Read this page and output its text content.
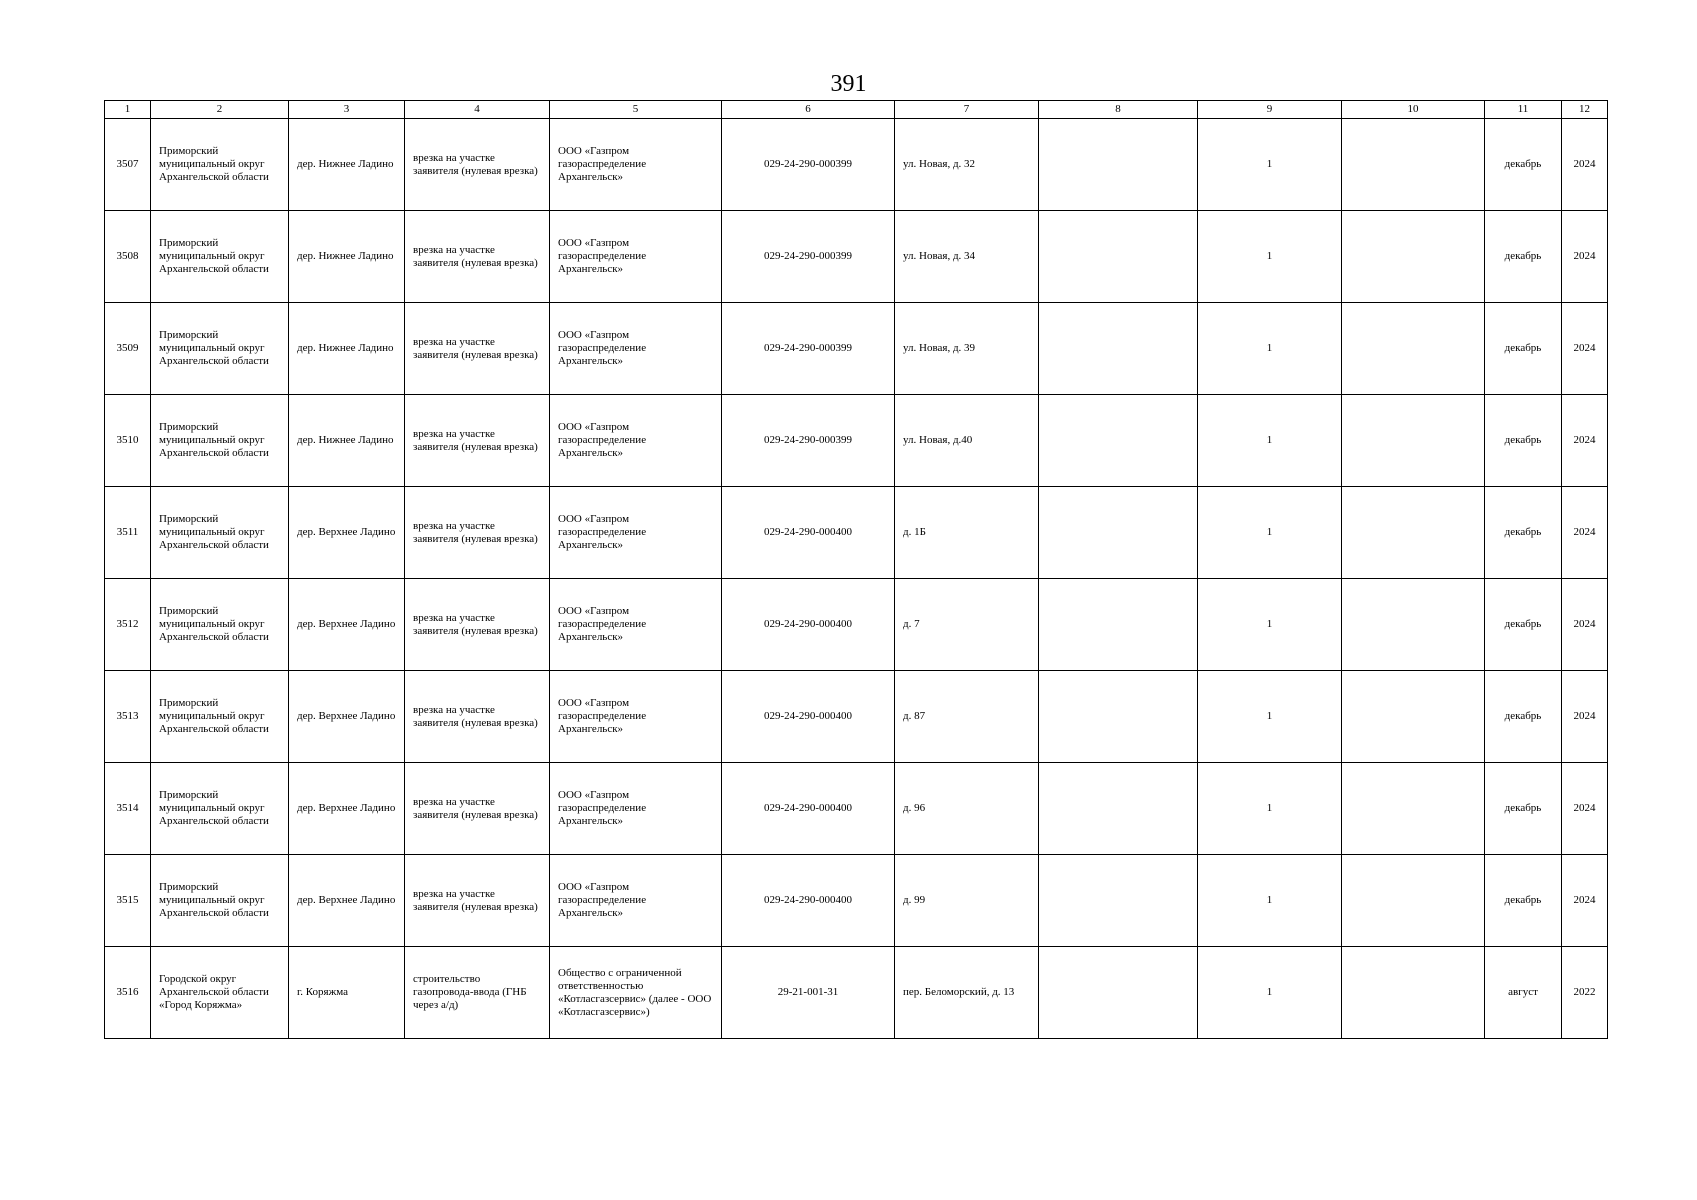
391
1	2	3	4	5	6	7	8	9	10	11	12
3507	Приморский муниципальный округ Архангельской области	дер. Нижнее Ладино	врезка на участке заявителя (нулевая врезка)	ООО «Газпром газораспределение Архангельск»	029-24-290-000399	ул. Новая, д. 32		1		декабрь	2024
3508	Приморский муниципальный округ Архангельской области	дер. Нижнее Ладино	врезка на участке заявителя (нулевая врезка)	ООО «Газпром газораспределение Архангельск»	029-24-290-000399	ул. Новая, д. 34		1		декабрь	2024
3509	Приморский муниципальный округ Архангельской области	дер. Нижнее Ладино	врезка на участке заявителя (нулевая врезка)	ООО «Газпром газораспределение Архангельск»	029-24-290-000399	ул. Новая, д. 39		1		декабрь	2024
3510	Приморский муниципальный округ Архангельской области	дер. Нижнее Ладино	врезка на участке заявителя (нулевая врезка)	ООО «Газпром газораспределение Архангельск»	029-24-290-000399	ул. Новая, д.40		1		декабрь	2024
3511	Приморский муниципальный округ Архангельской области	дер. Верхнее Ладино	врезка на участке заявителя (нулевая врезка)	ООО «Газпром газораспределение Архангельск»	029-24-290-000400	д. 1Б		1		декабрь	2024
3512	Приморский муниципальный округ Архангельской области	дер. Верхнее Ладино	врезка на участке заявителя (нулевая врезка)	ООО «Газпром газораспределение Архангельск»	029-24-290-000400	д. 7		1		декабрь	2024
3513	Приморский муниципальный округ Архангельской области	дер. Верхнее Ладино	врезка на участке заявителя (нулевая врезка)	ООО «Газпром газораспределение Архангельск»	029-24-290-000400	д. 87		1		декабрь	2024
3514	Приморский муниципальный округ Архангельской области	дер. Верхнее Ладино	врезка на участке заявителя (нулевая врезка)	ООО «Газпром газораспределение Архангельск»	029-24-290-000400	д. 96		1		декабрь	2024
3515	Приморский муниципальный округ Архангельской области	дер. Верхнее Ладино	врезка на участке заявителя (нулевая врезка)	ООО «Газпром газораспределение Архангельск»	029-24-290-000400	д. 99		1		декабрь	2024
3516	Городской округ Архангельской области «Город Коряжма»	г. Коряжма	строительство газопровода-ввода (ГНБ через а/д)	Общество с ограниченной ответственностью «Котласгазсервис» (далее - ООО «Котласгазсервис»)	29-21-001-31	пер. Беломорский, д. 13		1		август	2022
